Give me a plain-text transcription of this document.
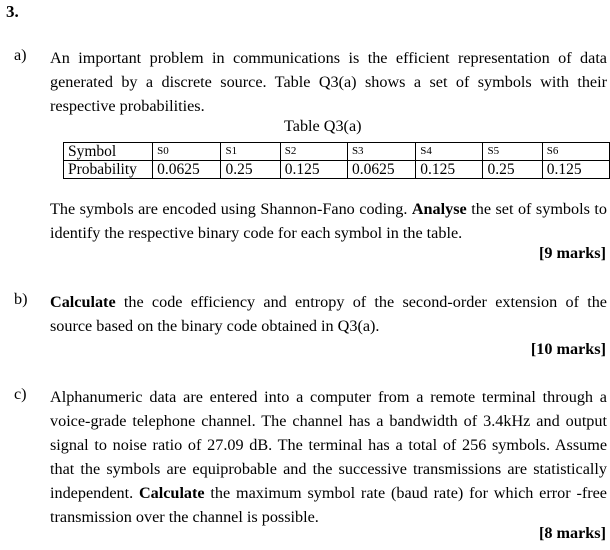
3.
a) An important problem in communications is the efficient representation of data generated by a discrete source. Table Q3(a) shows a set of symbols with their respective probabilities.
Table Q3(a)
Symbol	S0	S1	S2	S3	S4	S5	S6
Probability	0.0625	0.25	0.125	0.0625	0.125	0.25	0.125
The symbols are encoded using Shannon-Fano coding. Analyse the set of symbols to identify the respective binary code for each symbol in the table.
[9 marks]
b) Calculate the code efficiency and entropy of the second-order extension of the source based on the binary code obtained in Q3(a).
[10 marks]
c) Alphanumeric data are entered into a computer from a remote terminal through a voice-grade telephone channel. The channel has a bandwidth of 3.4kHz and output signal to noise ratio of 27.09 dB. The terminal has a total of 256 symbols. Assume that the symbols are equiprobable and the successive transmissions are statistically independent. Calculate the maximum symbol rate (baud rate) for which error -free transmission over the channel is possible.
[8 marks]
